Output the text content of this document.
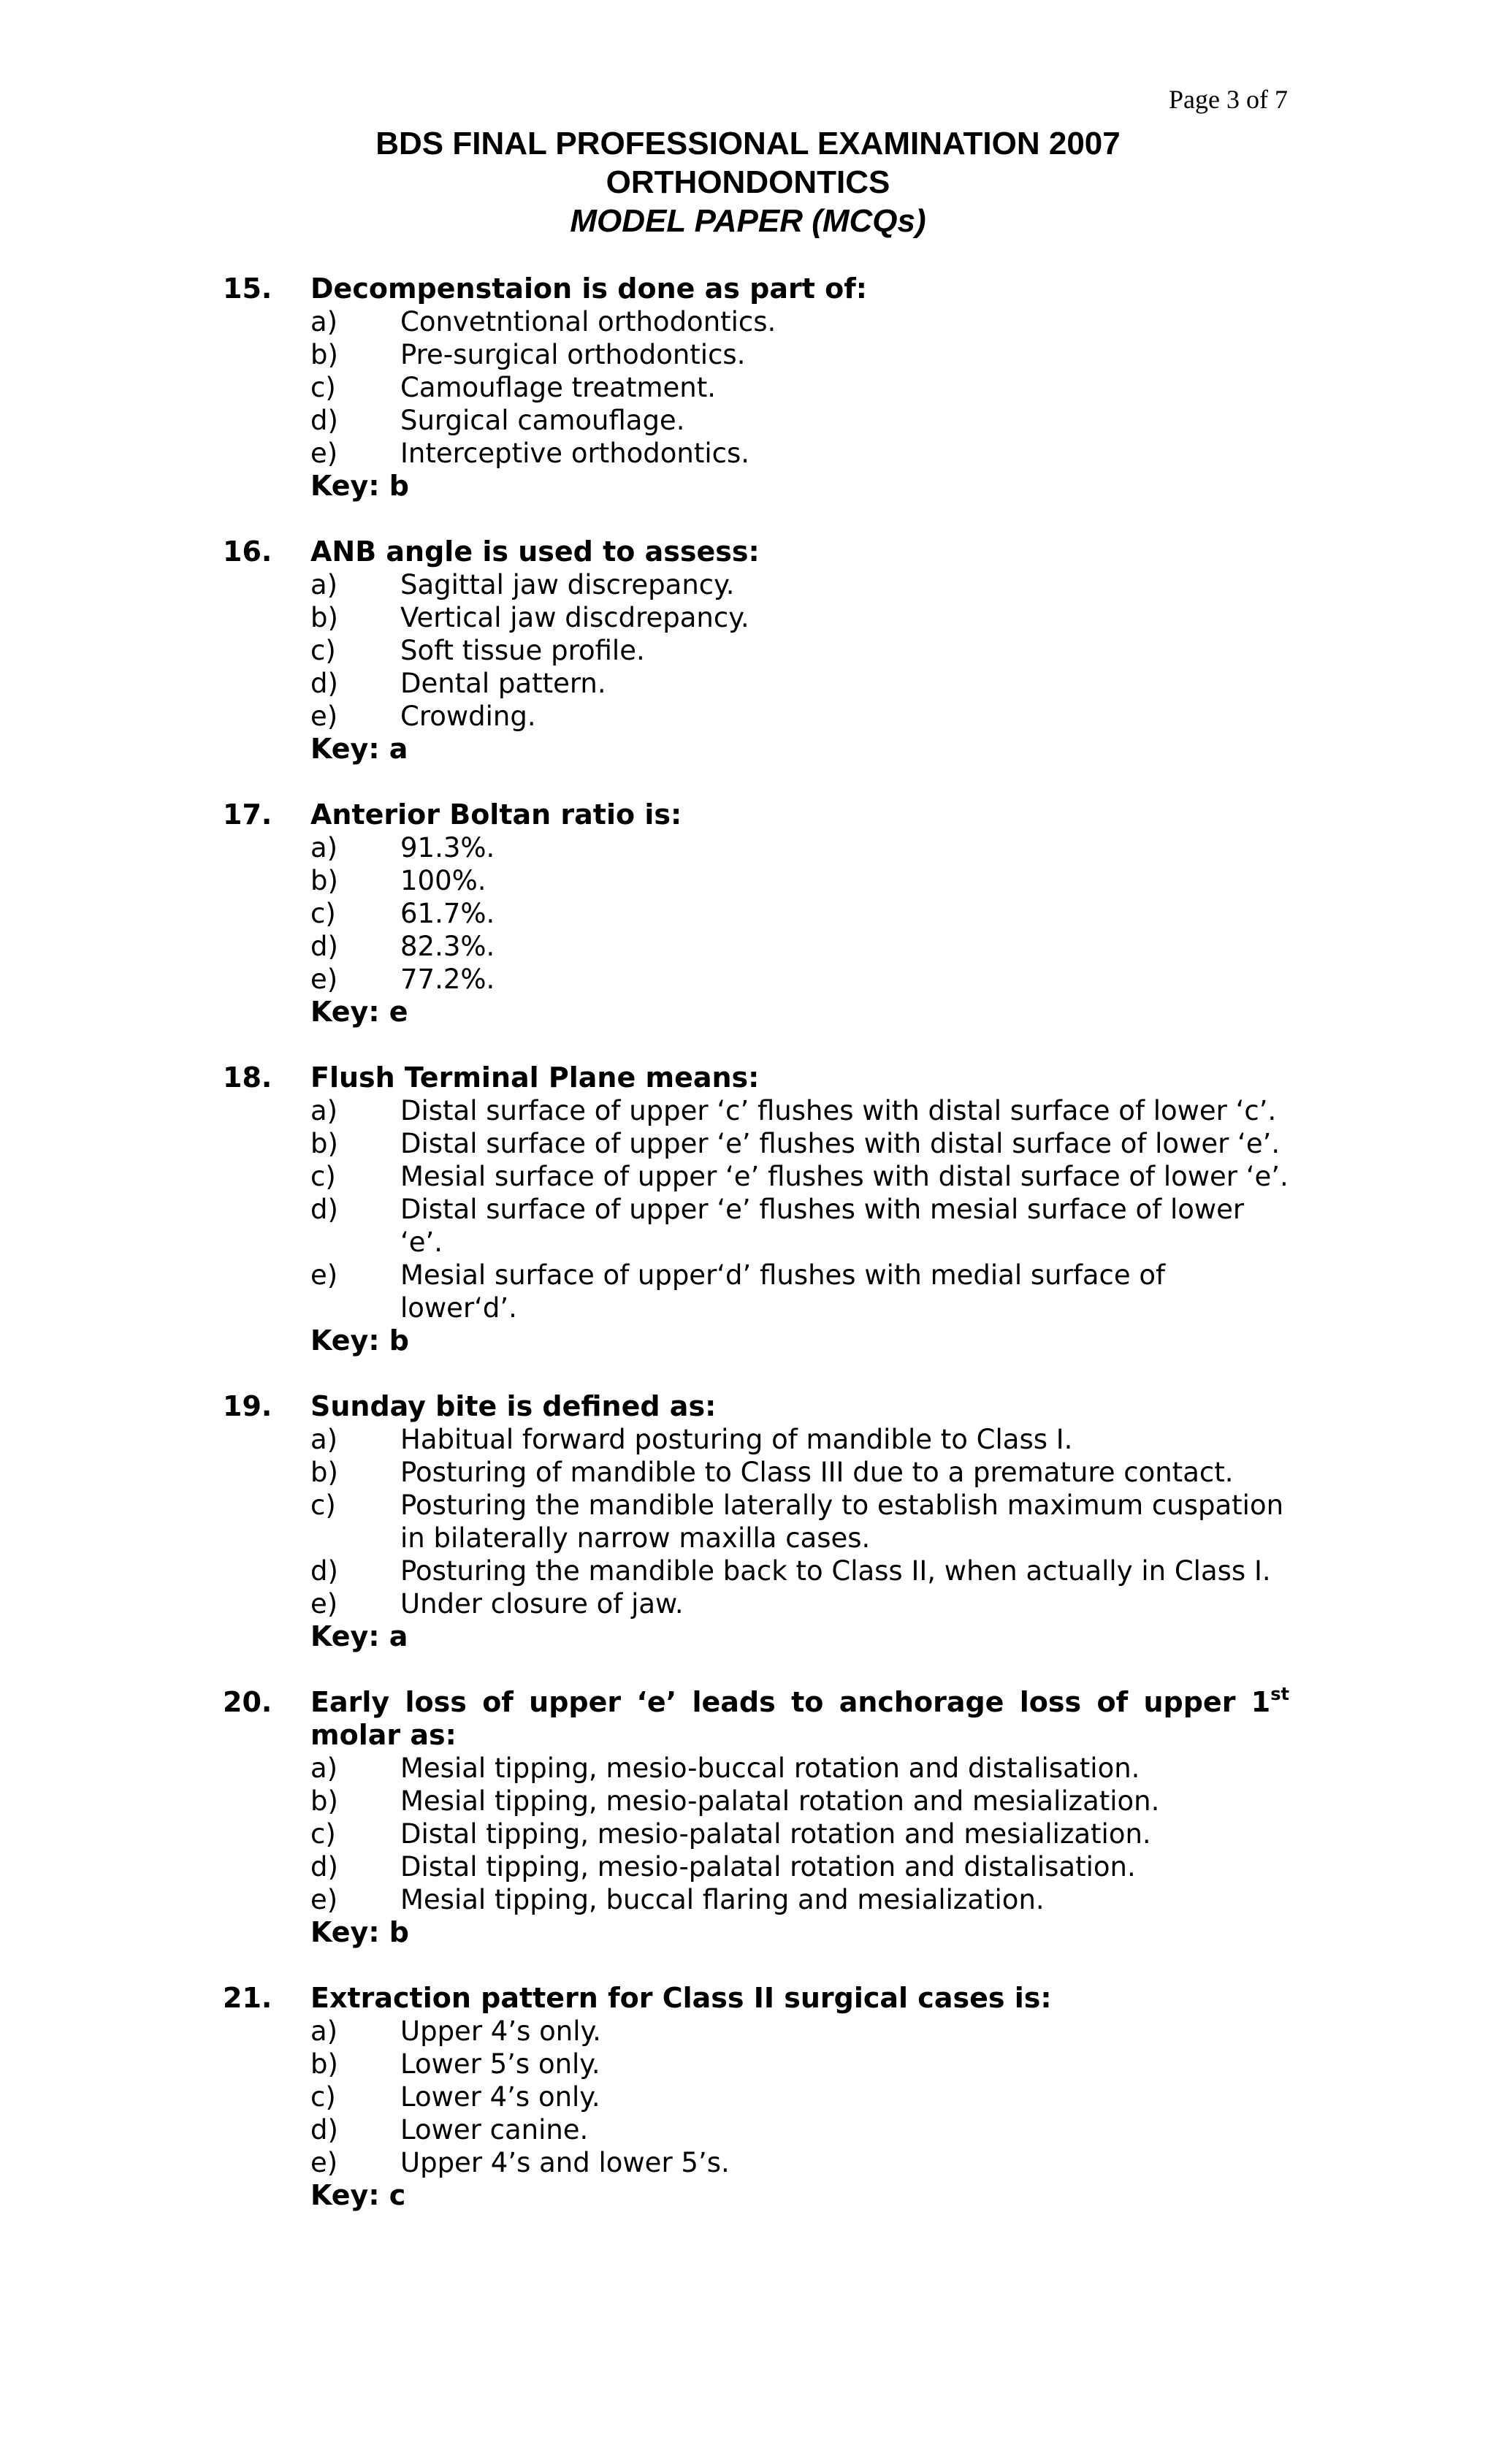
Page 3 of 7
BDS FINAL PROFESSIONAL EXAMINATION 2007
ORTHONDONTICS
MODEL PAPER (MCQs)
15.	Decompenstaion is done as part of:
a)	Convetntional orthodontics.
b)	Pre-surgical orthodontics.
c)	Camouflage treatment.
d)	Surgical camouflage.
e)	Interceptive orthodontics.
Key: b
16.	ANB angle is used to assess:
a)	Sagittal jaw discrepancy.
b)	Vertical jaw discdrepancy.
c)	Soft tissue profile.
d)	Dental pattern.
e)	Crowding.
Key: a
17.	Anterior Boltan ratio is:
a)	91.3%.
b)	100%.
c)	61.7%.
d)	82.3%.
e)	77.2%.
Key: e
18.	Flush Terminal Plane means:
a)	Distal surface of upper ‘c’ flushes with distal surface of lower ‘c’.
b)	Distal surface of upper ‘e’ flushes with distal surface of lower ‘e’.
c)	Mesial surface of upper ‘e’ flushes with distal surface of lower ‘e’.
d)	Distal surface of upper ‘e’ flushes with mesial surface of lower ‘e’.
e)	Mesial surface of upper‘d’ flushes with medial surface of lower‘d’.
Key: b
19.	Sunday bite is defined as:
a)	Habitual forward posturing of mandible to Class I.
b)	Posturing of mandible to Class III due to a premature contact.
c)	Posturing the mandible laterally to establish maximum cuspation in bilaterally narrow maxilla cases.
d)	Posturing the mandible back to Class II, when actually in Class I.
e)	Under closure of jaw.
Key: a
20.	Early loss of upper ‘e’ leads to anchorage loss of upper 1st
molar as:
a)	Mesial tipping, mesio-buccal rotation and distalisation.
b)	Mesial tipping, mesio-palatal rotation and mesialization.
c)	Distal tipping, mesio-palatal rotation and mesialization.
d)	Distal tipping, mesio-palatal rotation and distalisation.
e)	Mesial tipping, buccal flaring and mesialization.
Key: b
21.	Extraction pattern for Class II surgical cases is:
a)	Upper 4’s only.
b)	Lower 5’s only.
c)	Lower 4’s only.
d)	Lower canine.
e)	Upper 4’s and lower 5’s.
Key: c
